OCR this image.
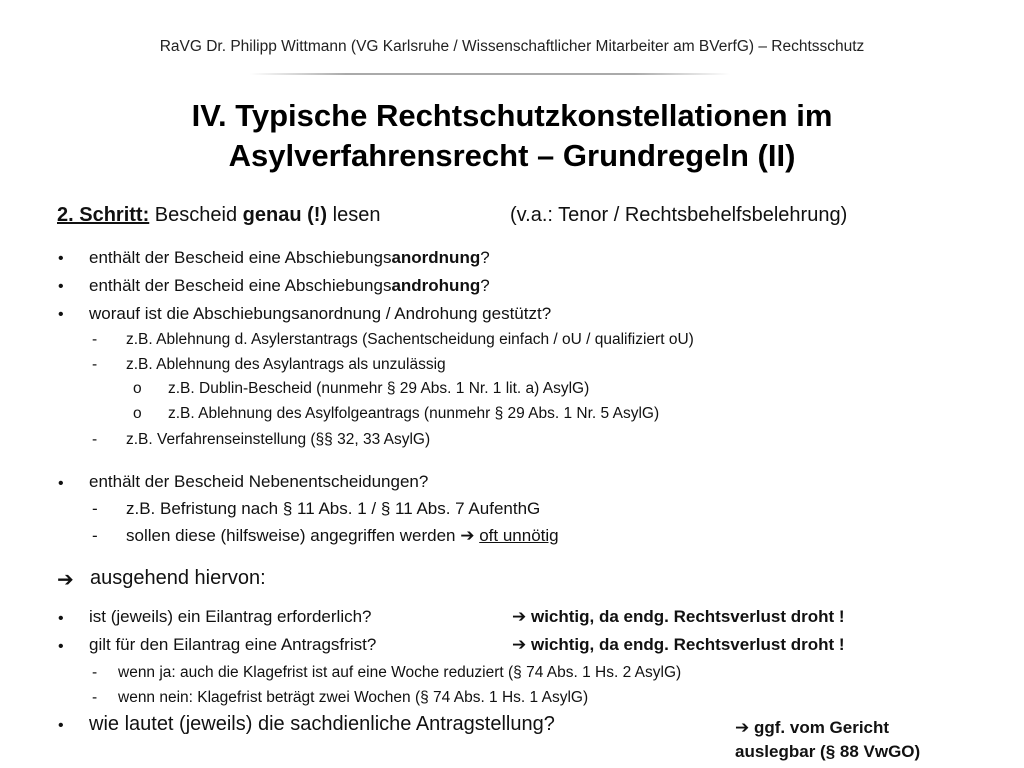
RaVG Dr. Philipp Wittmann (VG Karlsruhe / Wissenschaftlicher Mitarbeiter am BVerfG) – Rechtsschutz
IV. Typische Rechtschutzkonstellationen im
Asylverfahrensrecht – Grundregeln (II)
2. Schritt: Bescheid genau (!) lesen	(v.a.: Tenor / Rechtsbehelfsbelehrung)
• enthält der Bescheid eine Abschiebungsanordnung?
• enthält der Bescheid eine Abschiebungsandrohung?
• worauf ist die Abschiebungsanordnung / Androhung gestützt?
- z.B. Ablehnung d. Asylerstantrags (Sachentscheidung einfach / oU / qualifiziert oU)
- z.B. Ablehnung des Asylantrags als unzulässig
o z.B. Dublin-Bescheid (nunmehr § 29 Abs. 1 Nr. 1 lit. a) AsylG)
o z.B. Ablehnung des Asylfolgeantrags (nunmehr § 29 Abs. 1 Nr. 5 AsylG)
- z.B. Verfahrenseinstellung (§§ 32, 33 AsylG)
• enthält der Bescheid Nebenentscheidungen?
- z.B. Befristung nach § 11 Abs. 1 / § 11 Abs. 7 AufenthG
- sollen diese (hilfsweise) angegriffen werden ➔ oft unnötig
➔ ausgehend hiervon:
• ist (jeweils) ein Eilantrag erforderlich?	➔ wichtig, da endg. Rechtsverlust droht !
• gilt für den Eilantrag eine Antragsfrist?	➔ wichtig, da endg. Rechtsverlust droht !
- wenn ja: auch die Klagefrist ist auf eine Woche reduziert (§ 74 Abs. 1 Hs. 2 AsylG)
- wenn nein: Klagefrist beträgt zwei Wochen (§ 74 Abs. 1 Hs. 1 AsylG)
• wie lautet (jeweils) die sachdienliche Antragstellung?	➔ ggf. vom Gericht
auslegbar (§ 88 VwGO)
